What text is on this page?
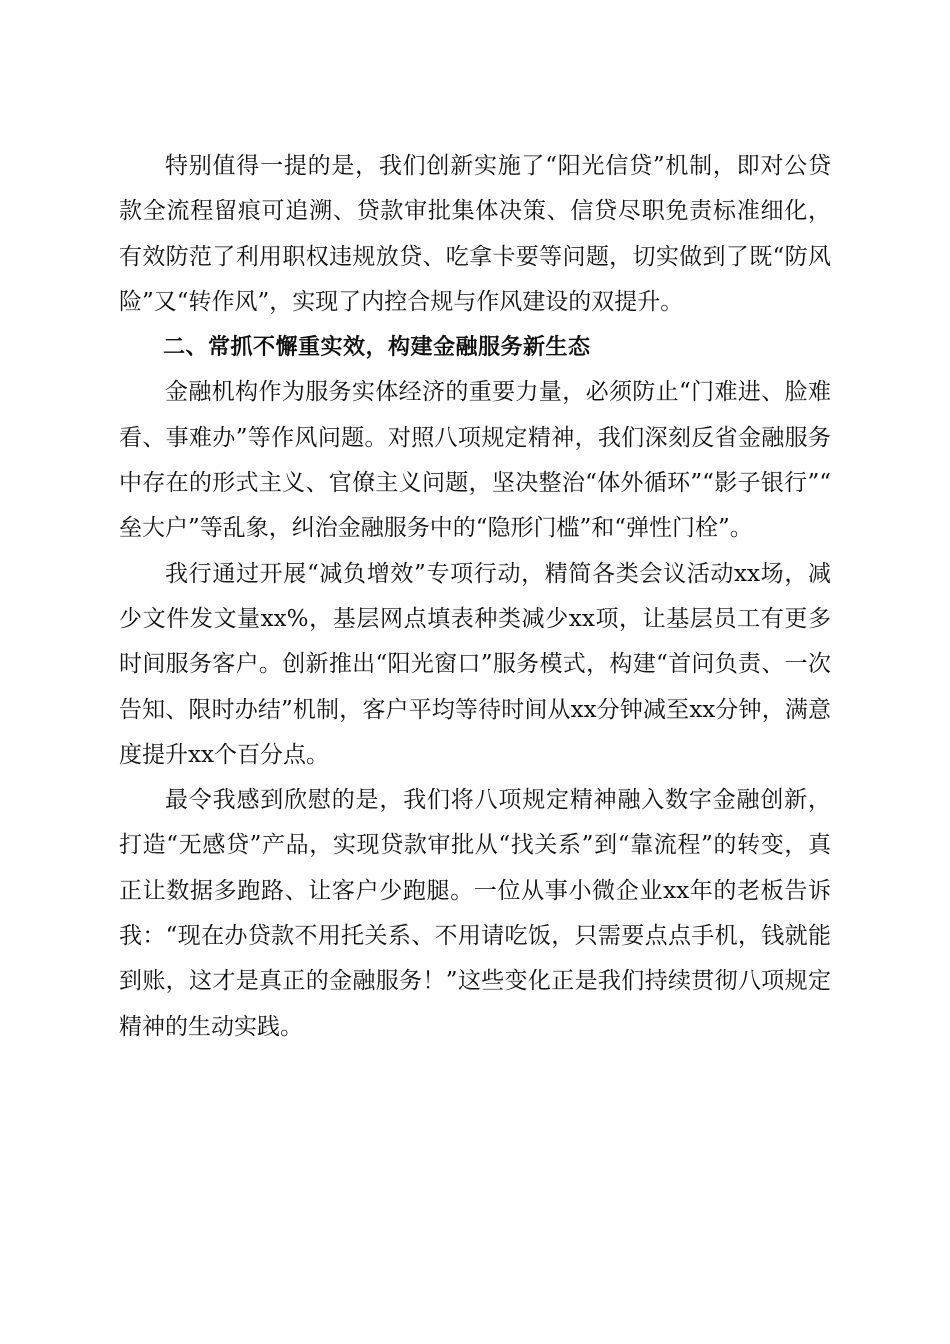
特别值得一提的是，我们创新实施了“阳光信贷”机制，即对公贷款全流程留痕可追溯、贷款审批集体决策、信贷尽职免责标准细化，有效防范了利用职权违规放贷、吃拿卡要等问题，切实做到了既“防风险”又“转作风”，实现了内控合规与作风建设的双提升。

二、常抓不懈重实效，构建金融服务新生态

金融机构作为服务实体经济的重要力量，必须防止“门难进、脸难看、事难办”等作风问题。对照八项规定精神，我们深刻反省金融服务中存在的形式主义、官僚主义问题，坚决整治“体外循环”“影子银行”“垒大户”等乱象，纠治金融服务中的“隐形门槛”和“弹性门栓”。

我行通过开展“减负增效”专项行动，精简各类会议活动xx场，减少文件发文量xx%，基层网点填表种类减少xx项，让基层员工有更多时间服务客户。创新推出“阳光窗口”服务模式，构建“首问负责、一次告知、限时办结”机制，客户平均等待时间从xx分钟减至xx分钟，满意度提升xx个百分点。

最令我感到欣慰的是，我们将八项规定精神融入数字金融创新，打造“无感贷”产品，实现贷款审批从“找关系”到“靠流程”的转变，真正让数据多跑路、让客户少跑腿。一位从事小微企业xx年的老板告诉我：“现在办贷款不用托关系、不用请吃饭，只需要点点手机，钱就能到账，这才是真正的金融服务！”这些变化正是我们持续贯彻八项规定精神的生动实践。
